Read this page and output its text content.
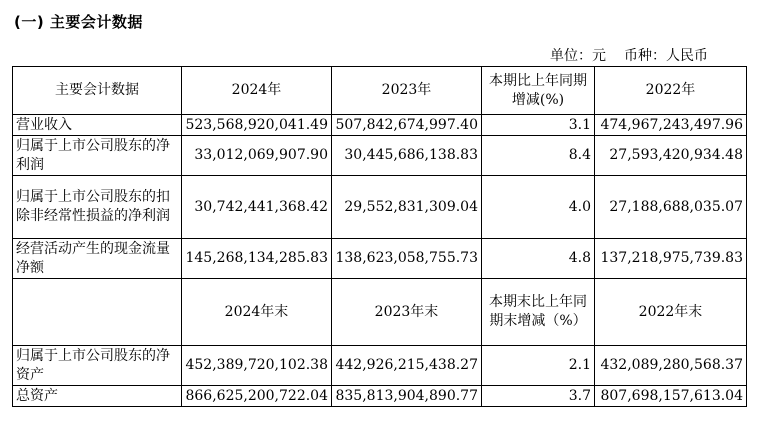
(一) 主要会计数据
单位：元 币种：人民币
主要会计数据	2024年	2023年	本期比上年同期增减(%)	2022年
营业收入	523,568,920,041.49	507,842,674,997.40	3.1	474,967,243,497.96
归属于上市公司股东的净利润	33,012,069,907.90	30,445,686,138.83	8.4	27,593,420,934.48
归属于上市公司股东的扣除非经常性损益的净利润	30,742,441,368.42	29,552,831,309.04	4.0	27,188,688,035.07
经营活动产生的现金流量净额	145,268,134,285.83	138,623,058,755.73	4.8	137,218,975,739.83
	2024年末	2023年末	本期末比上年同期末增减（%）	2022年末
归属于上市公司股东的净资产	452,389,720,102.38	442,926,215,438.27	2.1	432,089,280,568.37
总资产	866,625,200,722.04	835,813,904,890.77	3.7	807,698,157,613.04
